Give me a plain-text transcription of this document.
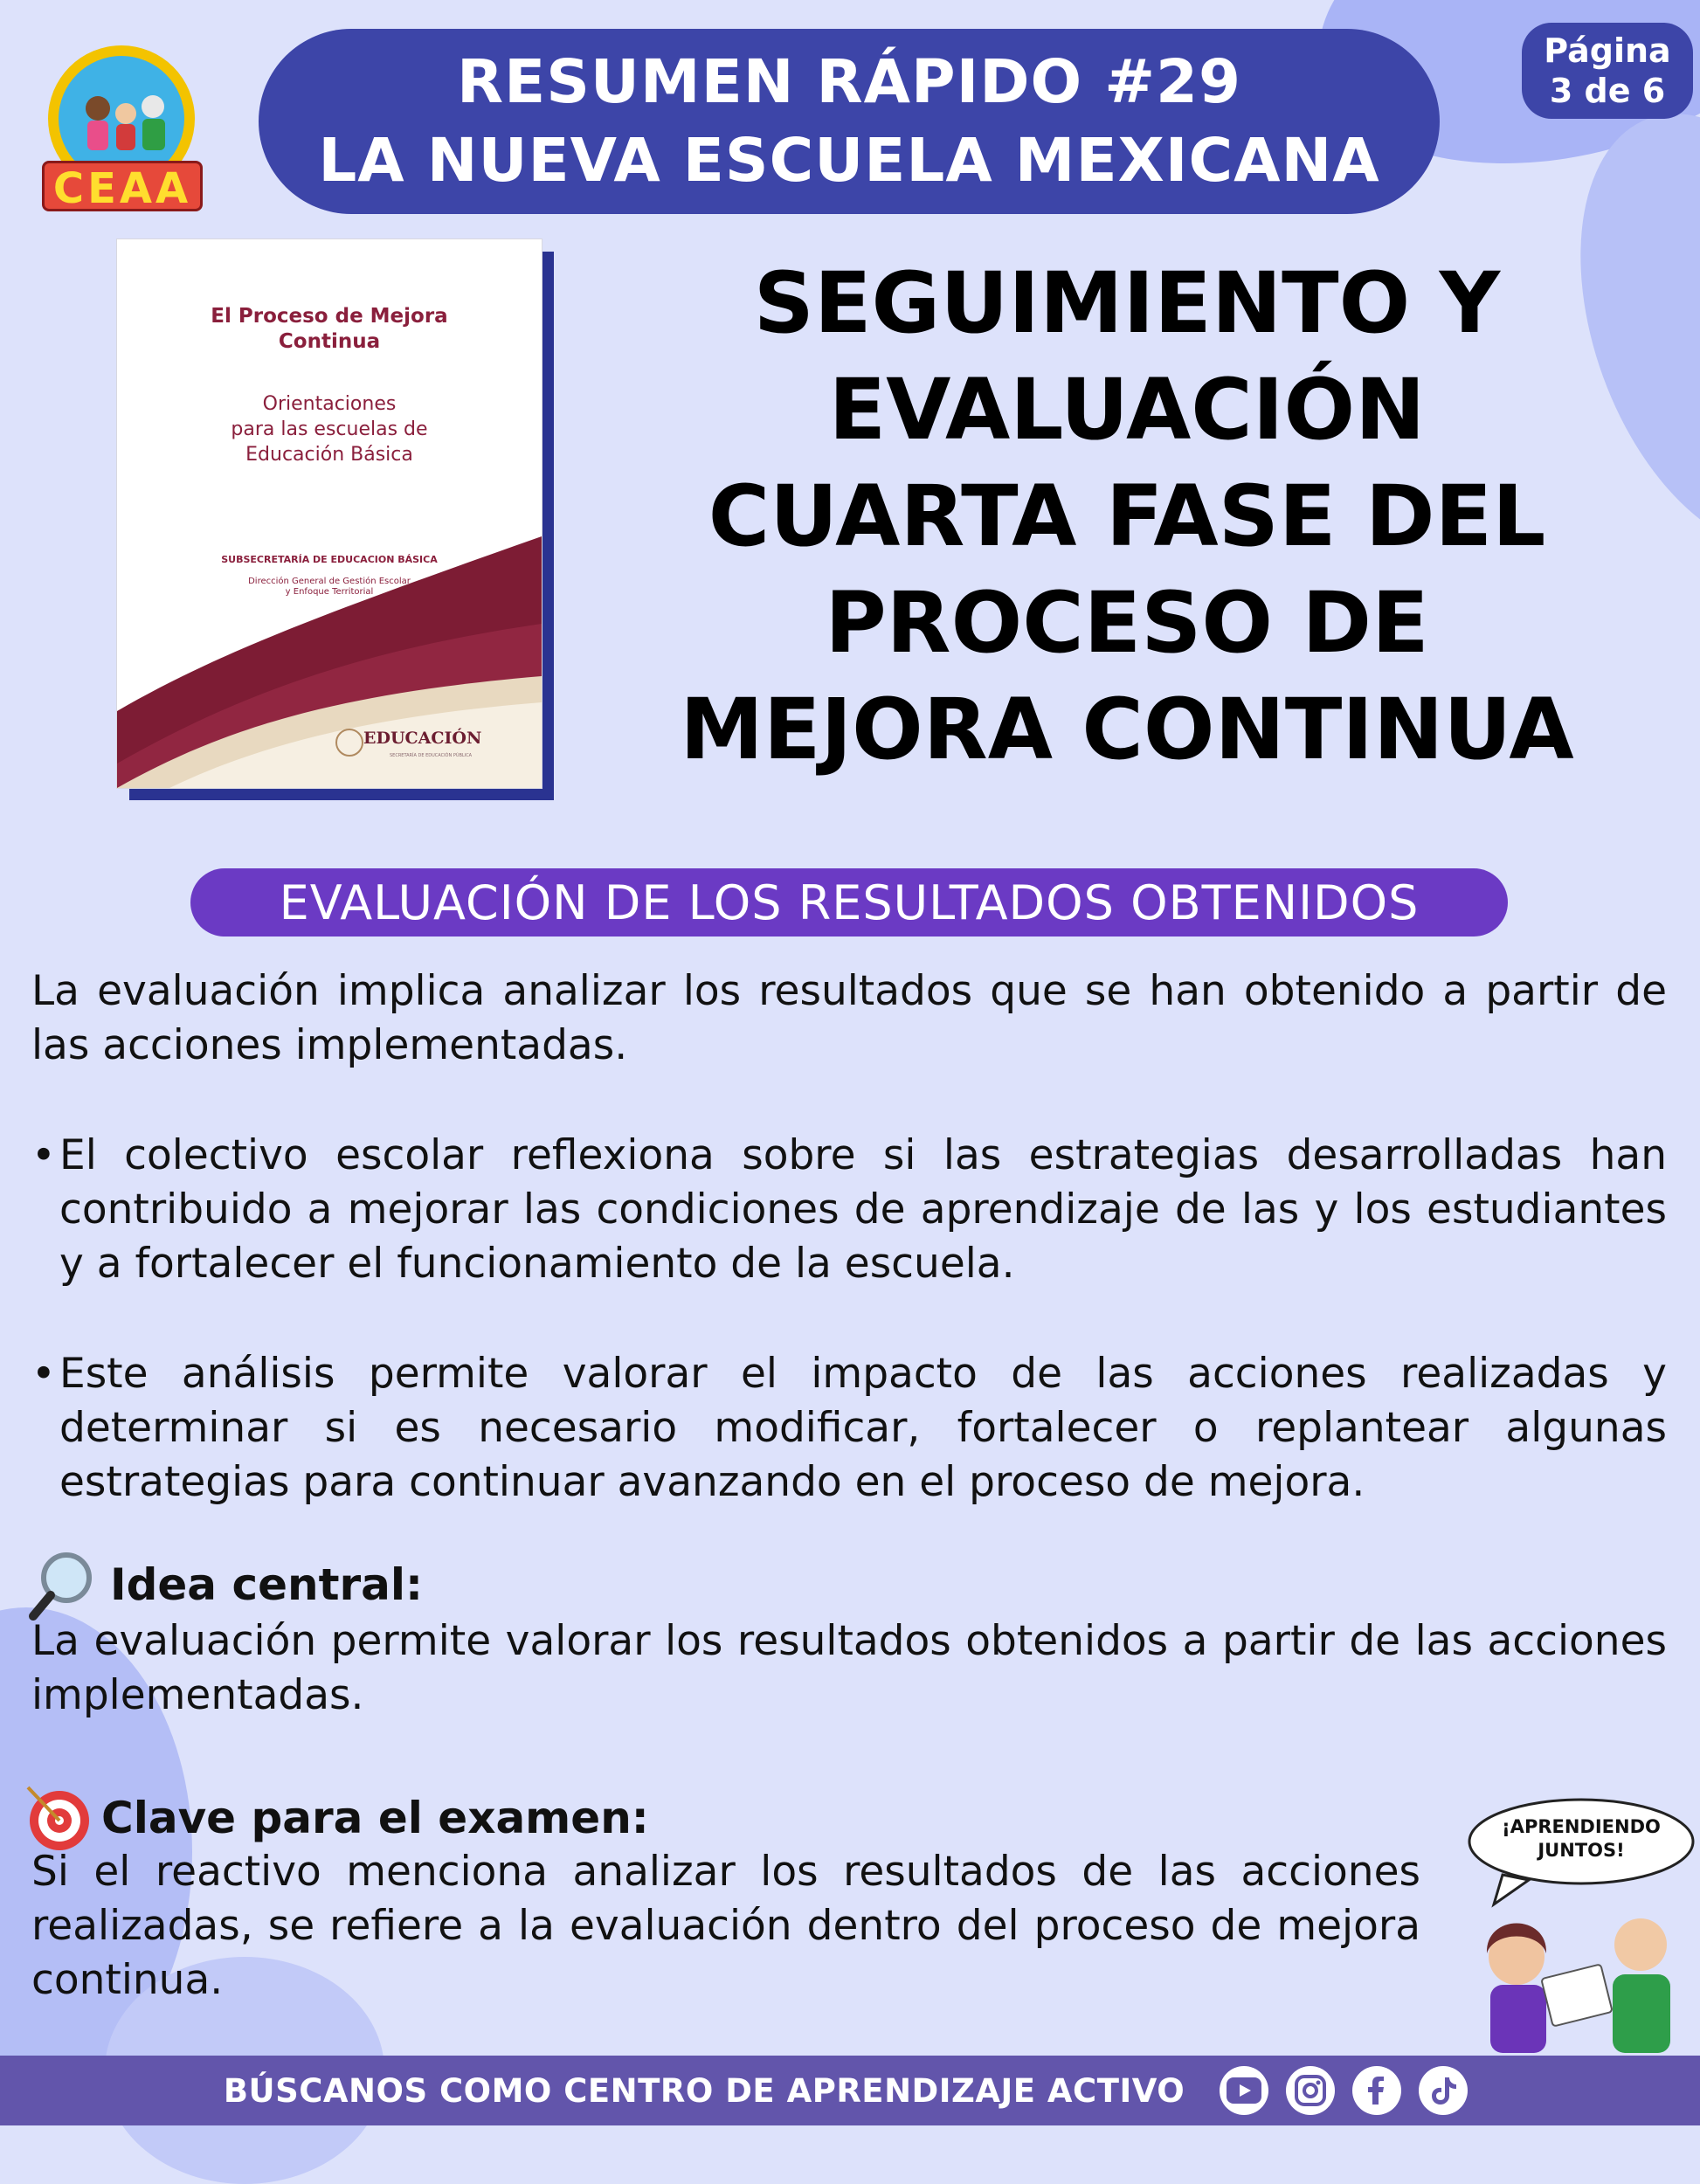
CEAA
RESUMEN RÁPIDO #29
LA NUEVA ESCUELA MEXICANA
Página
3 de 6
El Proceso de Mejora Continua
Orientaciones
para las escuelas de
Educación Básica
SUBSECRETARÍA DE EDUCACION BÁSICA
Dirección General de Gestión Escolar
y Enfoque Territorial
EDUCACIÓN
SECRETARÍA DE EDUCACIÓN PÚBLICA
SEGUIMIENTO Y
EVALUACIÓN
CUARTA FASE DEL
PROCESO DE
MEJORA CONTINUA
EVALUACIÓN DE LOS RESULTADOS OBTENIDOS
La evaluación implica analizar los resultados que se han obtenido a partir de las acciones implementadas.
• El colectivo escolar reflexiona sobre si las estrategias desarrolladas han contribuido a mejorar las condiciones de aprendizaje de las y los estudiantes y a fortalecer el funcionamiento de la escuela.
• Este análisis permite valorar el impacto de las acciones realizadas y determinar si es necesario modificar, fortalecer o replantear algunas estrategias para continuar avanzando en el proceso de mejora.
Idea central:
La evaluación permite valorar los resultados obtenidos a partir de las acciones implementadas.
Clave para el examen:
Si el reactivo menciona analizar los resultados de las acciones realizadas, se refiere a la evaluación dentro del proceso de mejora continua.
¡APRENDIENDO
JUNTOS!
BÚSCANOS COMO CENTRO DE APRENDIZAJE ACTIVO
